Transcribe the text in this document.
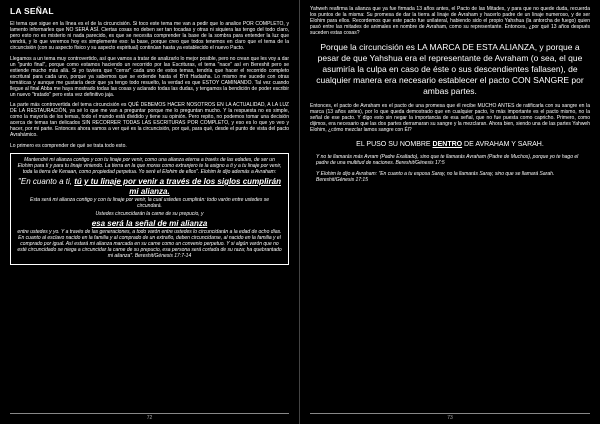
LA SEÑAL
El tema que sigue en la línea es el de la circuncisión. Si toco este tema me van a pedir que lo analice POR COMPLETO, y lamento informarles que NO SERÁ ASÍ. Ciertas cosas no deben ser tan tocadas y otras ni siquiera las tengo del todo claro, pero esto no es misterio ni nada parecido, es que se necesita comprender la base de la sombra para entender la luz que vendrá, y lo que veremos hoy es simplemente eso: la base, porque creo que todos tenemos en claro que el tema de la circuncisión (con su aspecto físico y su aspecto espiritual) continúan hasta ya establecido el nuevo Pacto.
Llegamos a un tema muy controvertido, así que vamos a tratar de analizarlo lo mejor posible, pero no crean que les voy a dar un "punto final", porque como estamos haciendo un recorrido por las Escrituras, el tema "nace" así en Bereshit pero se extiende mucho más allá. Si yo tuviera que "cerrar" cada uno de estos temas, tendría que hacer el recorrido completo escritural para cada uno, porque ya sabemos que se extiende hasta el B'rit Hadasha. Lo mismo me sucede con otras temáticas y aunque me gustaría decir que ya tengo todo resuelto, la verdad es que ESTOY CAMINANDO. Tal vez cuando llegue al final Abba me haya mostrado todas las cosas y aclarado todas las dudas, y tengamos la bendición de poder escribir un nuevo "tratado" pero esta vez definitivo jaja.
La parte más controvertida del tema circuncisión es QUÉ DEBEMOS HACER NOSOTROS EN LA ACTUALIDAD, A LA LUZ DE LA RESTAURACIÓN, ya sé lo que me van a preguntar porque me lo preguntan mucho. Y la respuesta no es simple, como la mayoría de los temas, todo el mundo está dividido y tiene su opinión. Pero repito, no podemos tomar una decisión acerca de temas tan delicados SIN RECORRER TODAS LAS ESCRITURAS POR COMPLETO, y eso es lo que yo veo y hacer, por mi parte. Entonces ahora vamos a ver qué es la circuncisión, por qué, para qué, desde el punto de vista del pacto Avrahámico.
Lo primero es comprender de qué se trata todo esto.
Mantendré mi alianza contigo y con tu linaje por venir, como una alianza eterna a través de las edades, de ser un Elohim para ti y para tu linaje viniendo. La tierra en la que moras como extranjero te la asigno a ti y a tu linaje por venir, toda la tierra de Kenaan, como propiedad perpetua. Yo seré el Elohim de ellos". Elohim le dijo además a Avraham:
"En cuanto a ti, tú y tu linaje por venir a través de los siglos cumplirán mi alianza.
Esta será mi alianza contigo y con tu linaje por venir, la cual ustedes cumplirán: todo varón entre ustedes se circundará.
Ustedes circuncidarán la carne de su prepucio, y
esa será la señal de mi alianza
entre ustedes y yo. Y a través de las generaciones, a todo varón entre ustedes lo circuncidarán a la edad de ocho días. En cuanto al esclavo nacido en la familia y al comprado de un extraño, deben circuncidarse, al nacido en la familia y el comprado por igual. Así estará mi alianza marcada en su carne como un convenio perpetuo. Y si algún varón que no esté circuncidado se niega a circuncidar la carne de su prepucio, esa persona será cortada de su raza; ha quebrantado mi alianza". Bereshit/Génesis 17:7-14
72
Yahweh reafirma la alianza que ya fue firmada 13 años antes, el Pacto de las Mitades, y para que no quede duda, recuerda los puntos de la misma: Su promesa de dar la tierra al linaje de Avraham y hacerlo padre de un linaje numeroso, y de ser Elohim para ellos. Recordemos que este pacto fue unilateral, habiendo sido el propio Yahshua (la antorcha de fuego) quien pasó entre las mitades de animales en nombre de Avraham, como su representante. Entonces, ¿por qué 13 años después suceden estas cosas?
Porque la circuncisión es LA MARCA DE ESTA ALIANZA, y porque a pesar de que Yahshua era el representante de Avraham (o sea, el que asumiría la culpa en caso de éste o sus descendientes fallasen), de cualquier manera era necesario establecer el pacto CON SANGRE por ambas partes.
Entonces, el pacto de Avraham es el pacto de una promesa que él recibe MUCHO ANTES de ratificarla con su sangre en la marca (13 años antes), por lo que queda demostrado que en cualquier pacto, lo más importante es el pacto mismo, no la señal de ese pacto. Y digo esto sin negar la importancia de esa señal, que no fue puesta como capricho. Primero, como dijimos, era necesario que las dos partes derramaran su sangre y la mezclaran. Ahora bien, siendo una de las partes Yahweh Elohim, ¿cómo mezclar lamos sangre con Él?
EL PUSO SU NOMBRE DENTRO DE AVRAHAM Y SARAH.
Y no te llamarás más Avram (Padre Exaltado), sino que te llamarás Avraham (Padre de Muchos), porque yo te hago el padre de una multitud de naciones. Bereshit/Génesis 17:5
Y Elohim le dijo a Avraham: "En cuanto a tu esposa Saray, no la llamarás Saray, sino que se llamará Sarah. Bereshit/Génesis 17:15
73
